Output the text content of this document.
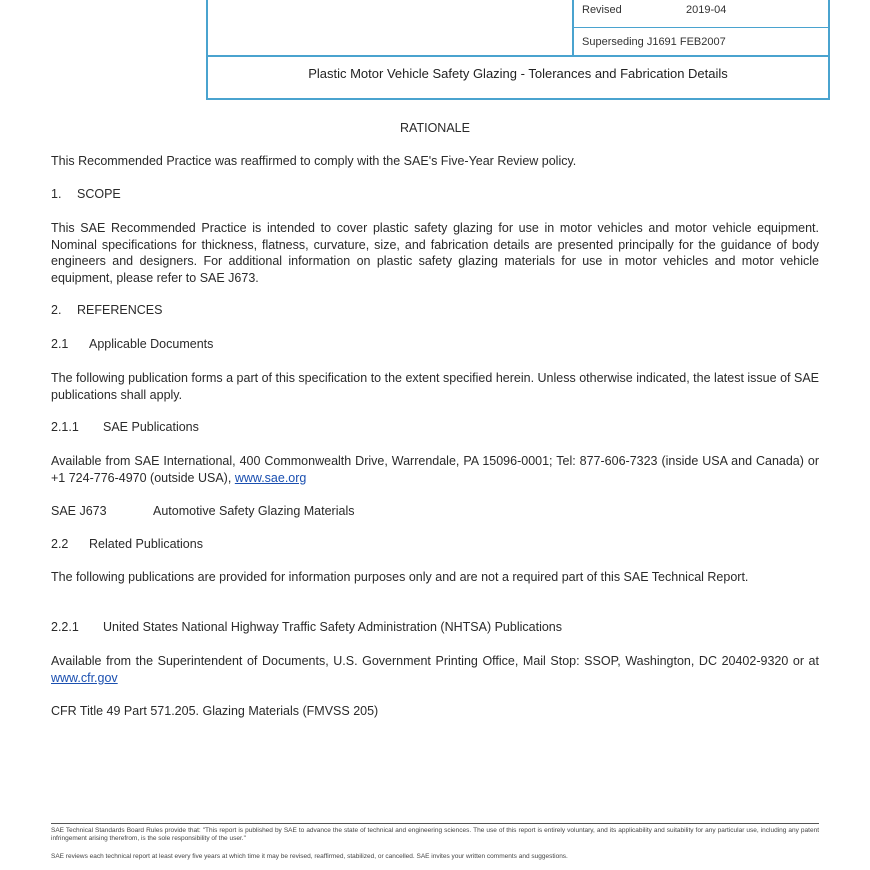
Revised	2019-04
Superseding J1691 FEB2007
Plastic Motor Vehicle Safety Glazing - Tolerances and Fabrication Details
RATIONALE
This Recommended Practice was reaffirmed to comply with the SAE's Five-Year Review policy.
1. SCOPE
This SAE Recommended Practice is intended to cover plastic safety glazing for use in motor vehicles and motor vehicle equipment. Nominal specifications for thickness, flatness, curvature, size, and fabrication details are presented principally for the guidance of body engineers and designers. For additional information on plastic safety glazing materials for use in motor vehicles and motor vehicle equipment, please refer to SAE J673.
2. REFERENCES
2.1 Applicable Documents
The following publication forms a part of this specification to the extent specified herein. Unless otherwise indicated, the latest issue of SAE publications shall apply.
2.1.1 SAE Publications
Available from SAE International, 400 Commonwealth Drive, Warrendale, PA 15096-0001; Tel: 877-606-7323 (inside USA and Canada) or +1 724-776-4970 (outside USA), www.sae.org
SAE J673	Automotive Safety Glazing Materials
2.2 Related Publications
The following publications are provided for information purposes only and are not a required part of this SAE Technical Report.
2.2.1 United States National Highway Traffic Safety Administration (NHTSA) Publications
Available from the Superintendent of Documents, U.S. Government Printing Office, Mail Stop: SSOP, Washington, DC 20402-9320 or at www.cfr.gov
CFR Title 49 Part 571.205. Glazing Materials (FMVSS 205)
SAE Technical Standards Board Rules provide that: "This report is published by SAE to advance the state of technical and engineering sciences. The use of this report is entirely voluntary, and its applicability and suitability for any particular use, including any patent infringement arising therefrom, is the sole responsibility of the user."
SAE reviews each technical report at least every five years at which time it may be revised, reaffirmed, stabilized, or cancelled. SAE invites your written comments and suggestions.
